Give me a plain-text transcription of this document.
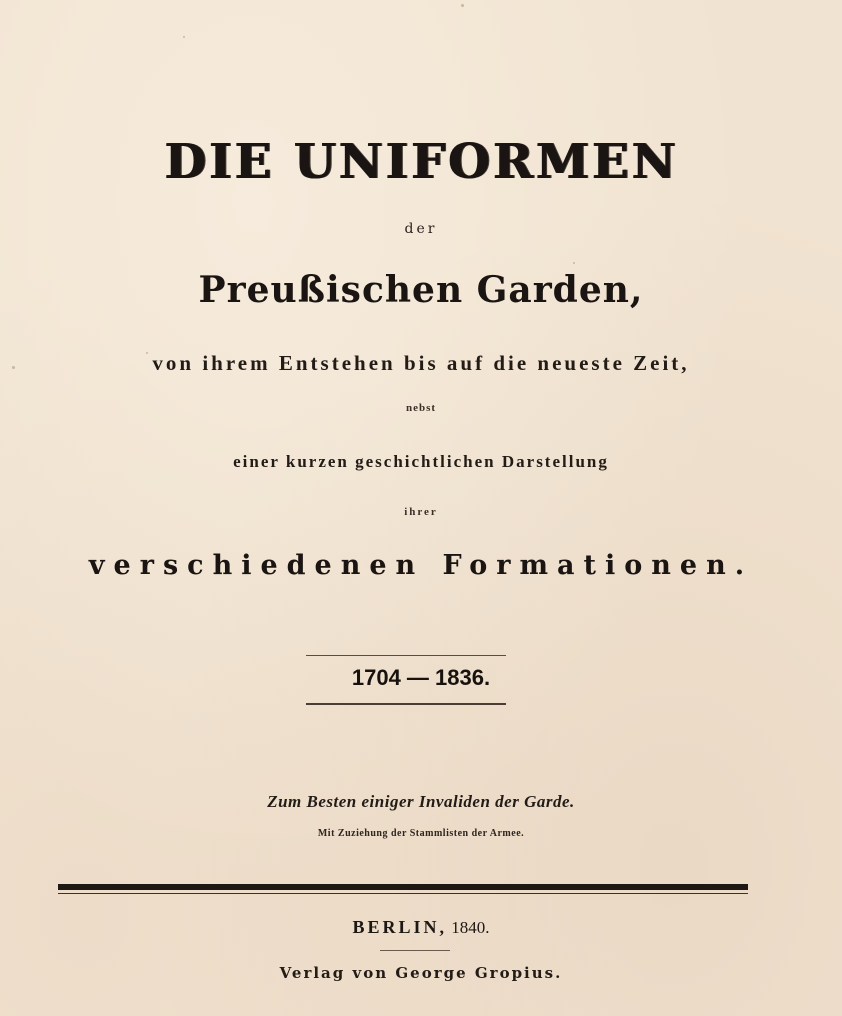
DIE UNIFORMEN
der
Preußischen Garden,
von ihrem Entstehen bis auf die neueste Zeit,
nebst
einer kurzen geschichtlichen Darstellung
ihrer
verschiedenen Formationen.
1704 — 1836.
Zum Besten einiger Invaliden der Garde.
Mit Zuziehung der Stammlisten der Armee.
BERLIN, 1840.
Verlag von George Gropius.
